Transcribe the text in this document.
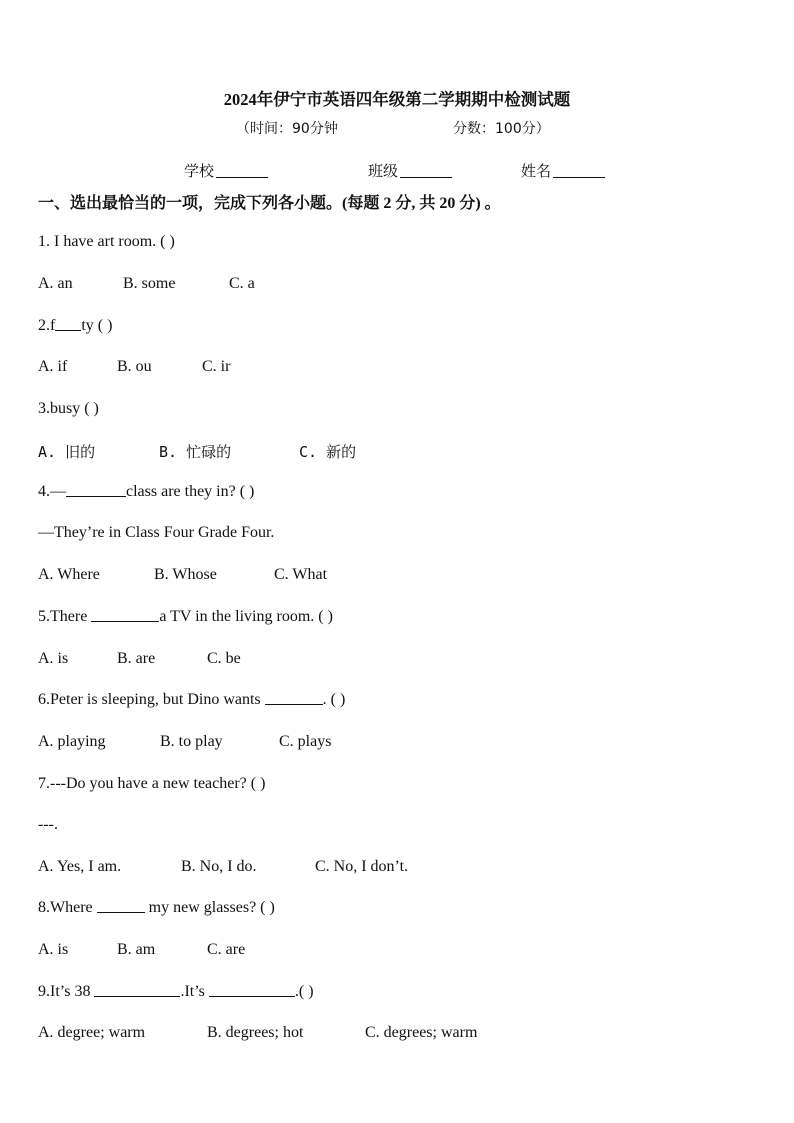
2024年伊宁市英语四年级第二学期期中检测试题
（时间：90分钟	分数：100分）
学校	班级	姓名
一、选出最恰当的一项，完成下列各小题。(每题 2 分, 共 20 分) 。
1. I have art room. ( )
A. an	B. some	C. a
2.f ty ( )
A. if	B. ou	C. ir
3.busy ( )
A. 旧的	B. 忙碌的	C. 新的
4.—	class are they in? ( )
—They’re in Class Four Grade Four.
A. Where	B. Whose	C. What
5.There	a TV in the living room. ( )
A. is	B. are	C. be
6.Peter is sleeping, but Dino wants	. ( )
A. playing	B. to play	C. plays
7.---Do you have a new teacher? ( )
---.
A. Yes, I am.	B. No, I do.	C. No, I don’t.
8.Where	my new glasses? ( )
A. is	B. am	C. are
9.It’s 38	.It’s	.( )
A. degree; warm	B. degrees; hot	C. degrees; warm
